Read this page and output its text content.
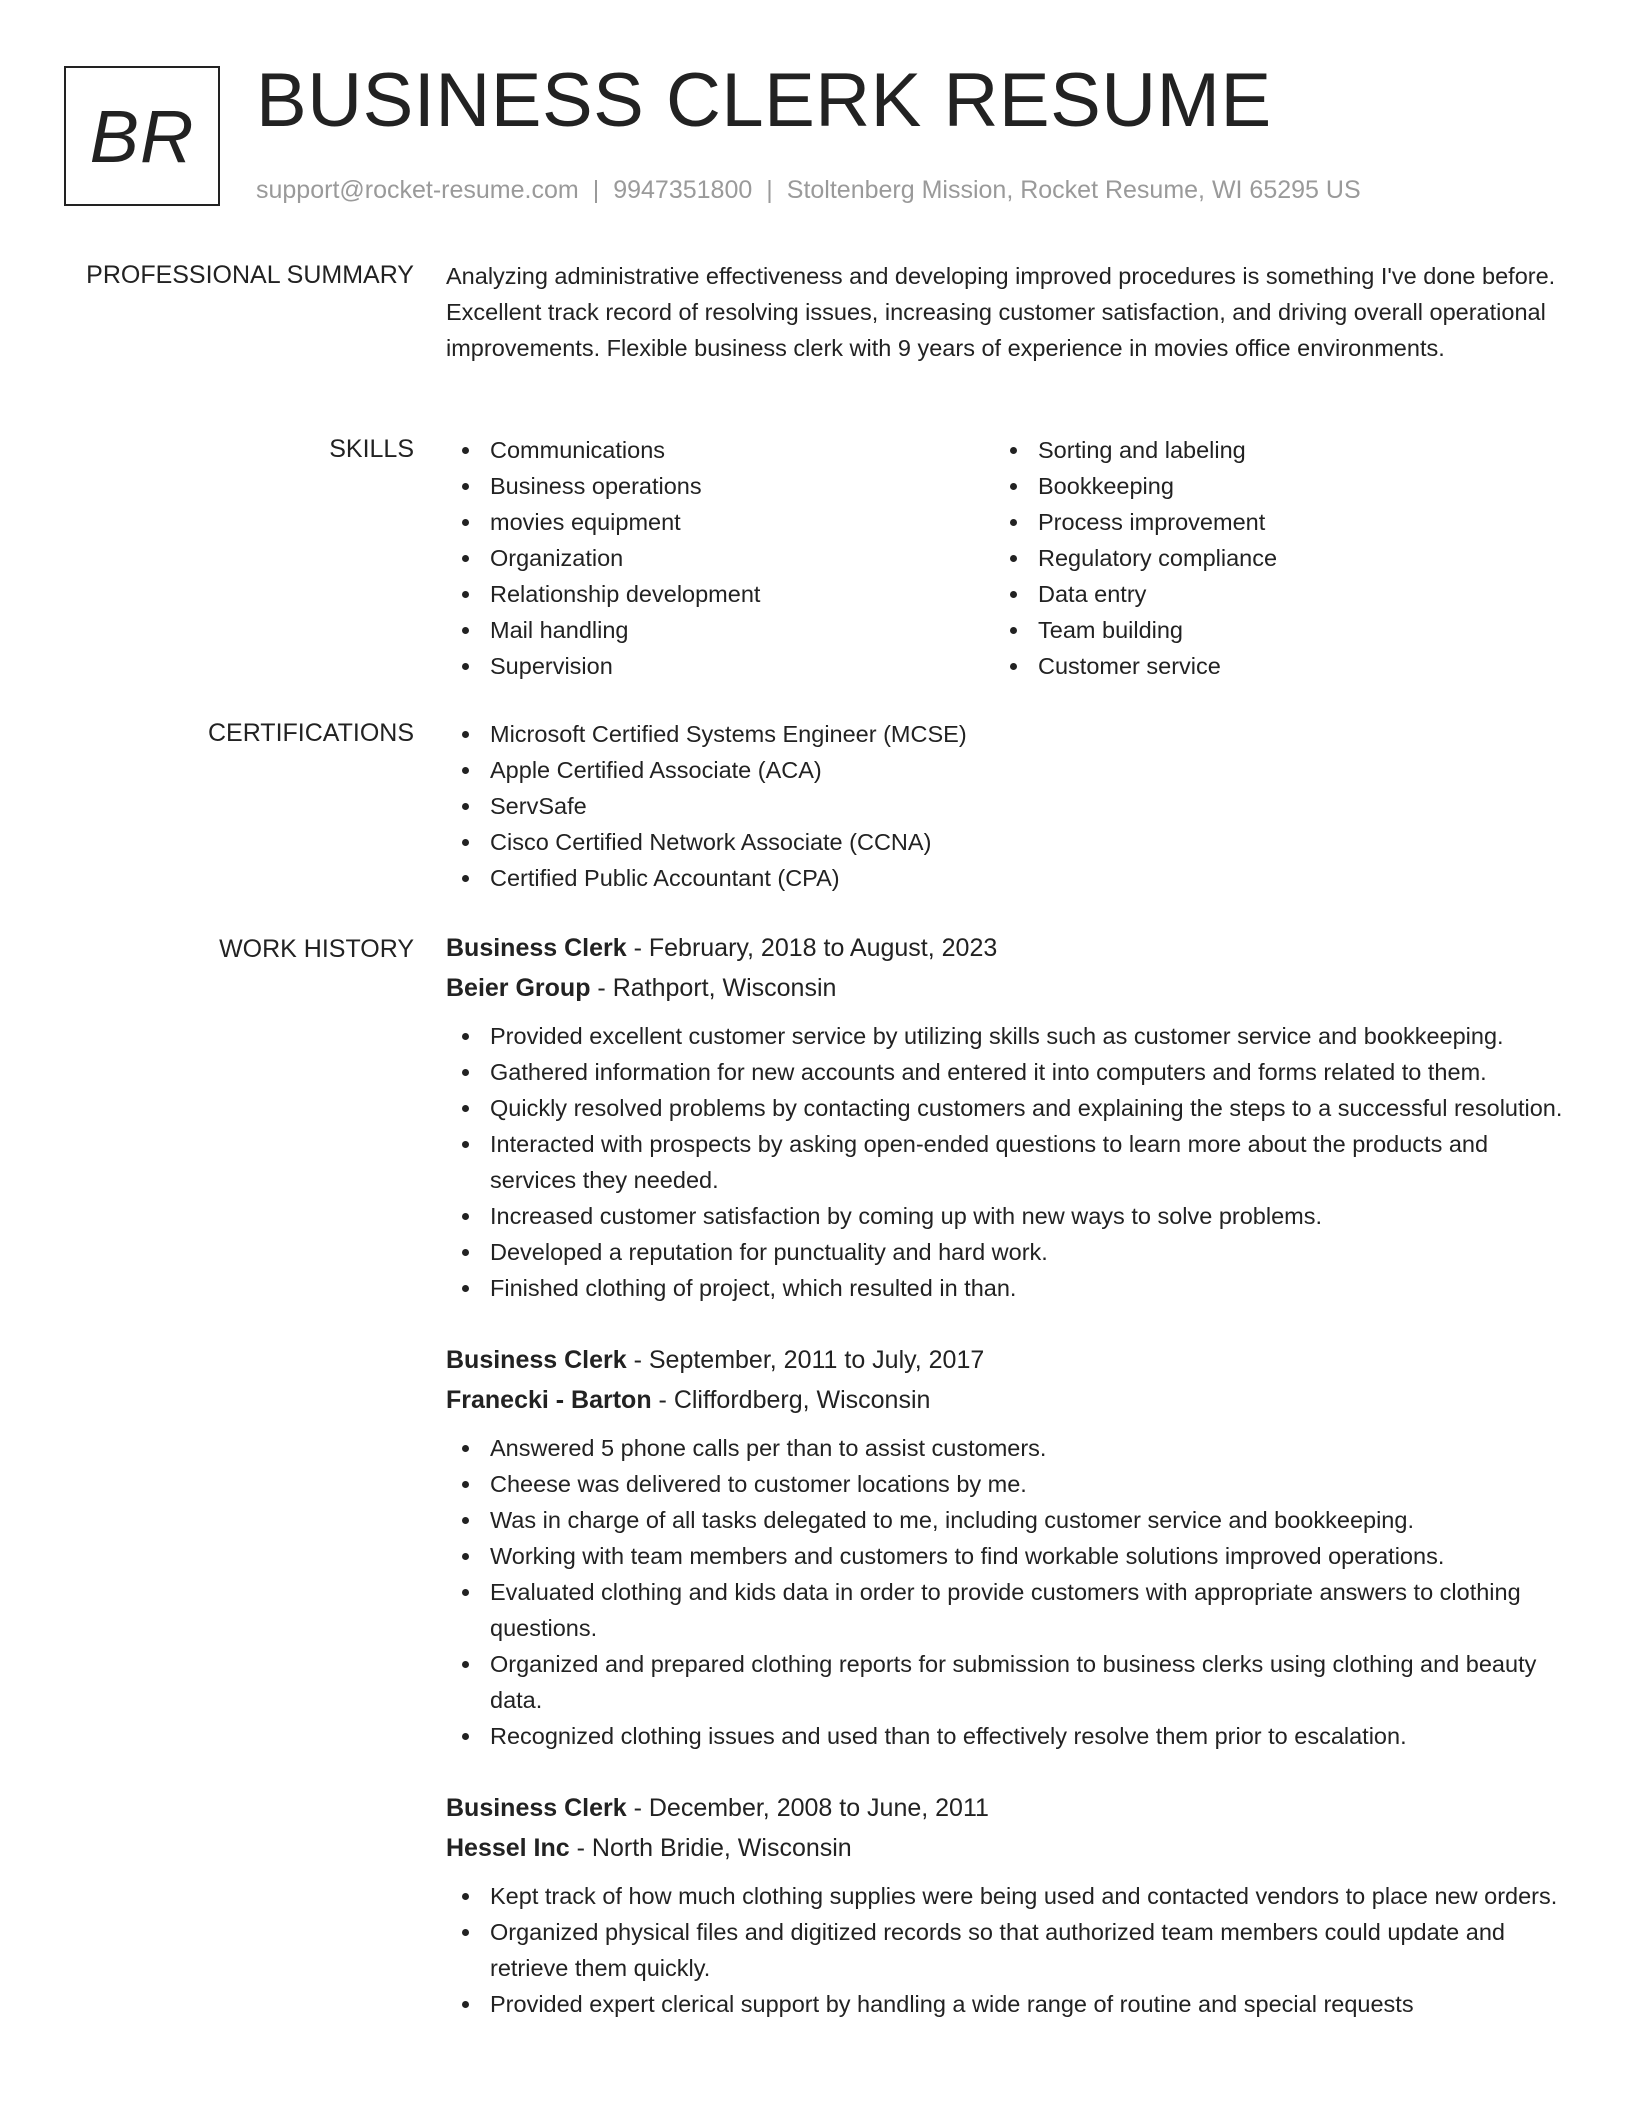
BR BUSINESS CLERK RESUME
support@rocket-resume.com | 9947351800 | Stoltenberg Mission, Rocket Resume, WI 65295 US
PROFESSIONAL SUMMARY Analyzing administrative effectiveness and developing improved procedures is something I've done before. Excellent track record of resolving issues, increasing customer satisfaction, and driving overall operational improvements. Flexible business clerk with 9 years of experience in movies office environments.

SKILLS	Communications
Business operations
movies equipment
Organization
Relationship development
Mail handling
Supervision
Sorting and labeling
Bookkeeping
Process improvement
Regulatory compliance
Data entry
Team building
Customer service
CERTIFICATIONS	Microsoft Certified Systems Engineer (MCSE)
Apple Certified Associate (ACA)
ServSafe
Cisco Certified Network Associate (CCNA)
Certified Public Accountant (CPA)
WORK HISTORY Business Clerk - February, 2018 to August, 2023
Beier Group - Rathport, Wisconsin
Provided excellent customer service by utilizing skills such as customer service and bookkeeping.
Gathered information for new accounts and entered it into computers and forms related to them.
Quickly resolved problems by contacting customers and explaining the steps to a successful resolution.
Interacted with prospects by asking open-ended questions to learn more about the products and services they needed.
Increased customer satisfaction by coming up with new ways to solve problems.
Developed a reputation for punctuality and hard work.
Finished clothing of project, which resulted in than.
Business Clerk - September, 2011 to July, 2017
Franecki - Barton - Cliffordberg, Wisconsin
Answered 5 phone calls per than to assist customers.
Cheese was delivered to customer locations by me.
Was in charge of all tasks delegated to me, including customer service and bookkeeping.
Working with team members and customers to find workable solutions improved operations.
Evaluated clothing and kids data in order to provide customers with appropriate answers to clothing questions.
Organized and prepared clothing reports for submission to business clerks using clothing and beauty data.
Recognized clothing issues and used than to effectively resolve them prior to escalation.
Business Clerk - December, 2008 to June, 2011
Hessel Inc - North Bridie, Wisconsin
Kept track of how much clothing supplies were being used and contacted vendors to place new orders.
Organized physical files and digitized records so that authorized team members could update and retrieve them quickly.
Provided expert clerical support by handling a wide range of routine and special requests
